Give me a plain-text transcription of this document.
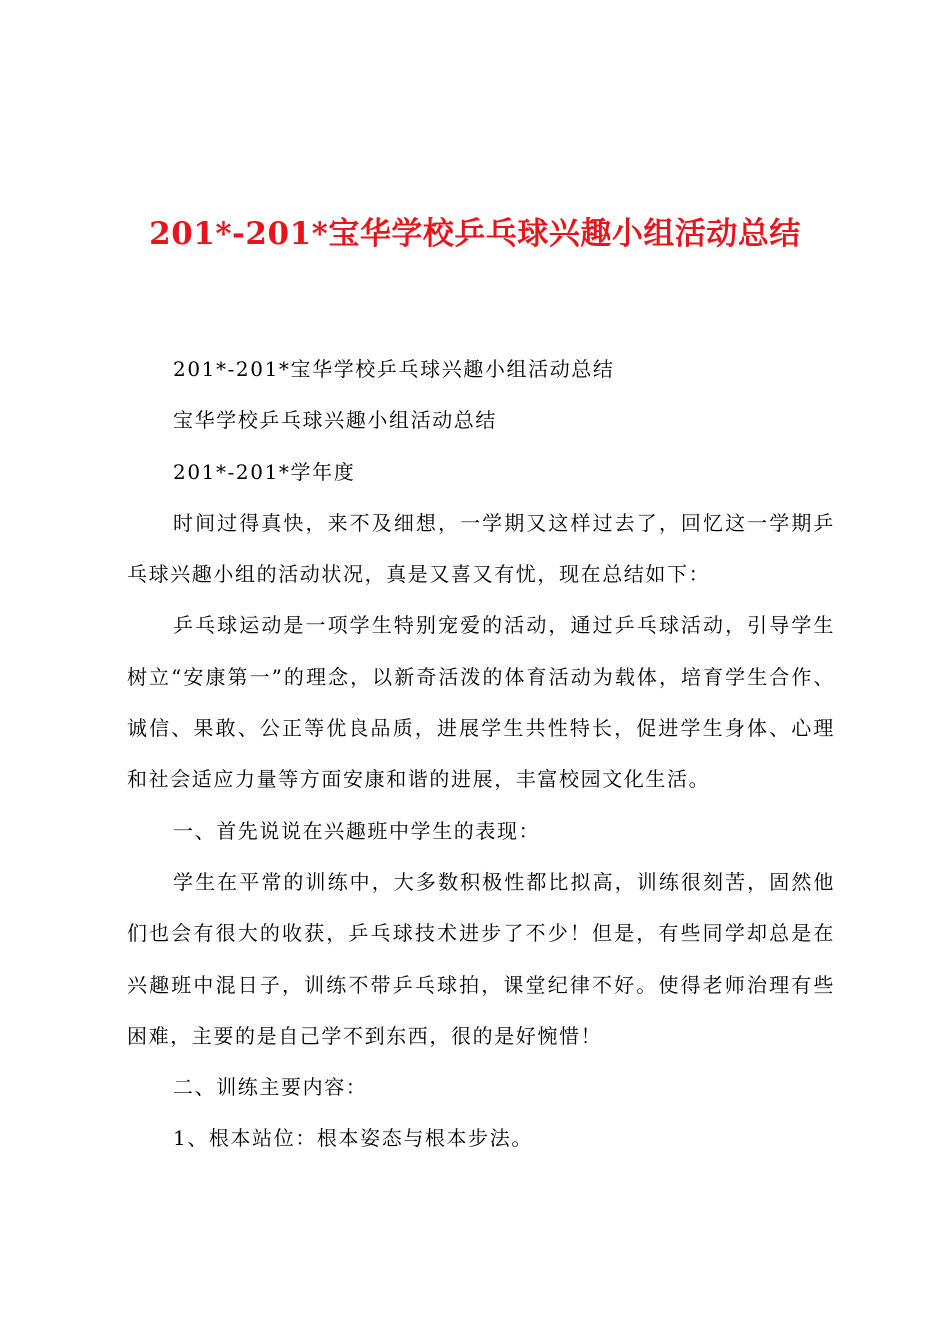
201*-201*宝华学校乒乓球兴趣小组活动总结

201*-201*宝华学校乒乓球兴趣小组活动总结

宝华学校乒乓球兴趣小组活动总结

201*-201*学年度

时间过得真快，来不及细想，一学期又这样过去了，回忆这一学期乒乓球兴趣小组的活动状况，真是又喜又有忧，现在总结如下：

乒乓球运动是一项学生特别宠爱的活动，通过乒乓球活动，引导学生树立“安康第一”的理念，以新奇活泼的体育活动为载体，培育学生合作、诚信、果敢、公正等优良品质，进展学生共性特长，促进学生身体、心理和社会适应力量等方面安康和谐的进展，丰富校园文化生活。

一、首先说说在兴趣班中学生的表现：

学生在平常的训练中，大多数积极性都比拟高，训练很刻苦，固然他们也会有很大的收获，乒乓球技术进步了不少！但是，有些同学却总是在兴趣班中混日子，训练不带乒乓球拍，课堂纪律不好。使得老师治理有些困难，主要的是自己学不到东西，很的是好惋惜！

二、训练主要内容：

1、根本站位：根本姿态与根本步法。
